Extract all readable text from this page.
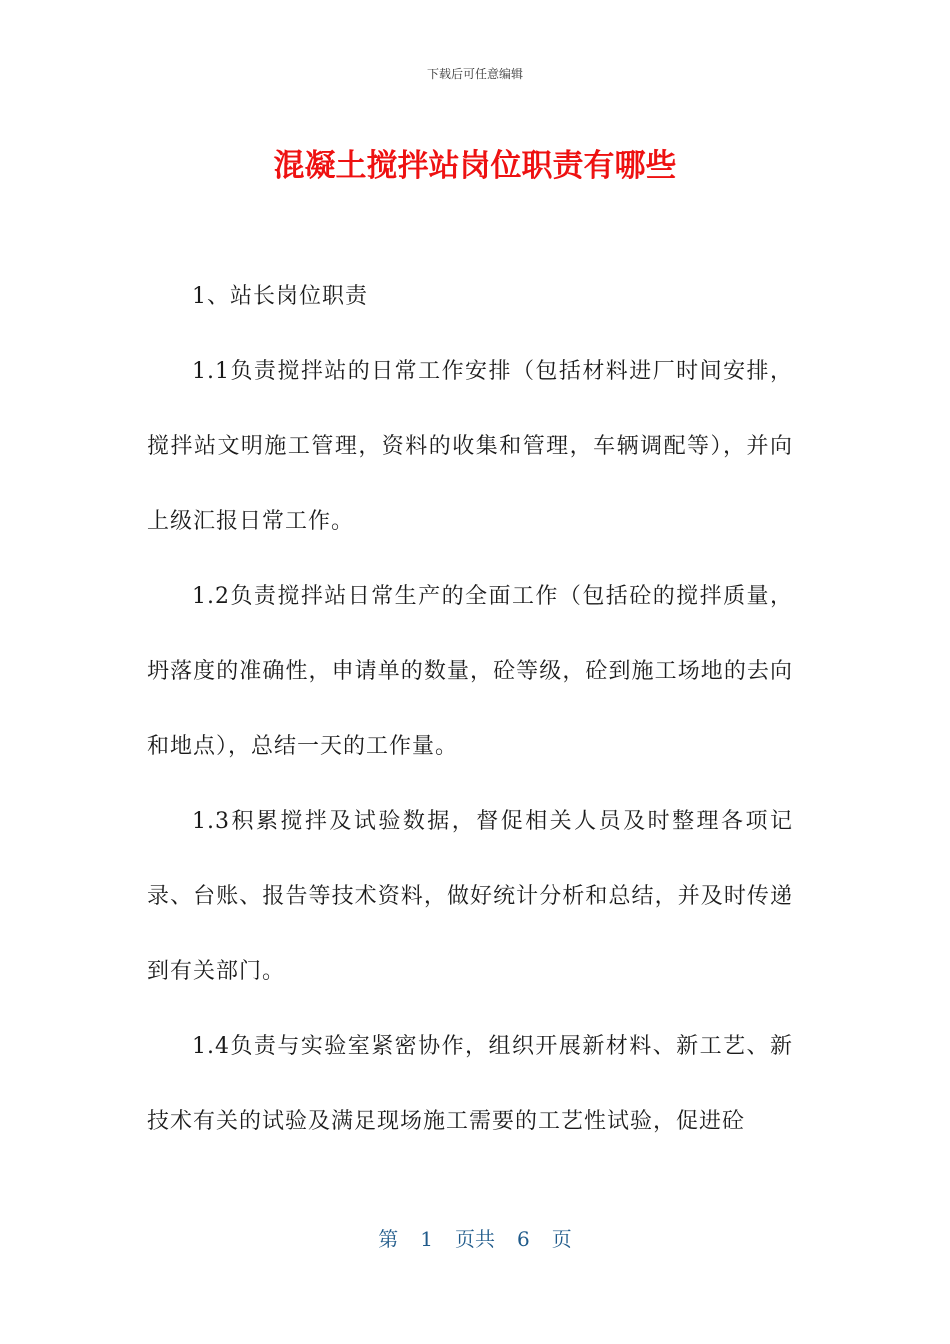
下载后可任意编辑
混凝土搅拌站岗位职责有哪些

1、站长岗位职责

1.1负责搅拌站的日常工作安排（包括材料进厂时间安排，搅拌站文明施工管理，资料的收集和管理，车辆调配等），并向上级汇报日常工作。

1.2负责搅拌站日常生产的全面工作（包括砼的搅拌质量，坍落度的准确性，申请单的数量，砼等级，砼到施工场地的去向和地点），总结一天的工作量。

1.3积累搅拌及试验数据，督促相关人员及时整理各项记录、台账、报告等技术资料，做好统计分析和总结，并及时传递到有关部门。

1.4负责与实验室紧密协作，组织开展新材料、新工艺、新技术有关的试验及满足现场施工需要的工艺性试验，促进砼

第 1 页共 6 页
